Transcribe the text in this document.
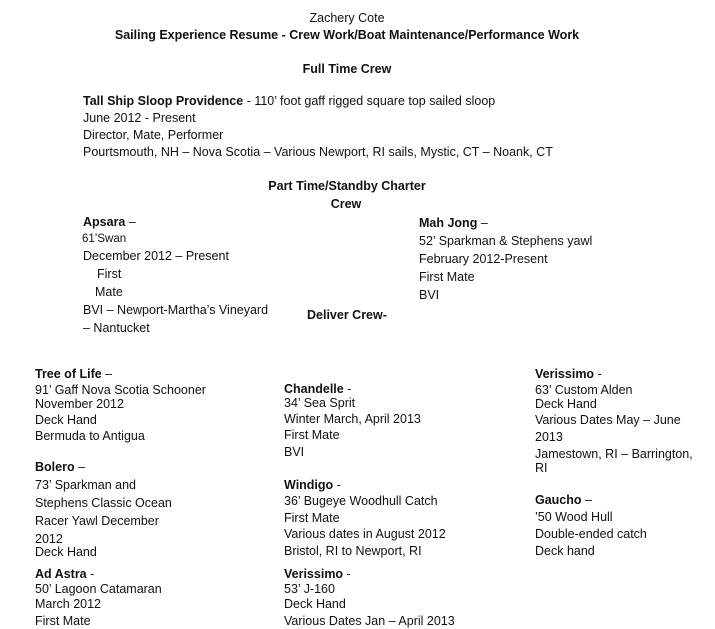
Zachery Cote
Sailing Experience Resume - Crew Work/Boat Maintenance/Performance Work
Full Time Crew
Tall Ship Sloop Providence - 110’ foot gaff rigged square top sailed sloop
June 2012 - Present
Director, Mate, Performer
Pourtsmouth, NH – Nova Scotia – Various Newport, RI sails, Mystic, CT – Noank, CT
Part Time/Standby Charter
Crew
Apsara –
61’Swan
December 2012 – Present
First
Mate
BVI – Newport-Martha’s Vineyard
– Nantucket
Mah Jong –
52’ Sparkman & Stephens yawl
February 2012-Present
First Mate
BVI
Deliver Crew-
Tree of Life –
91’ Gaff Nova Scotia Schooner
November 2012
Deck Hand
Bermuda to Antigua
Bolero –
73’ Sparkman and
Stephens Classic Ocean
Racer Yawl December
2012
Deck Hand
Ad Astra -
50’ Lagoon Catamaran
March 2012
First Mate
Chandelle -
34’ Sea Sprit
Winter March, April 2013
First Mate
BVI
Windigo -
36’ Bugeye Woodhull Catch
First Mate
Various dates in August 2012
Bristol, RI to Newport, RI
Verissimo -
53’ J-160
Deck Hand
Various Dates Jan – April 2013
Verissimo -
63’ Custom Alden
Deck Hand
Various Dates May – June
2013
Jamestown, RI – Barrington,
RI
Gaucho –
’50 Wood Hull
Double-ended catch
Deck hand
